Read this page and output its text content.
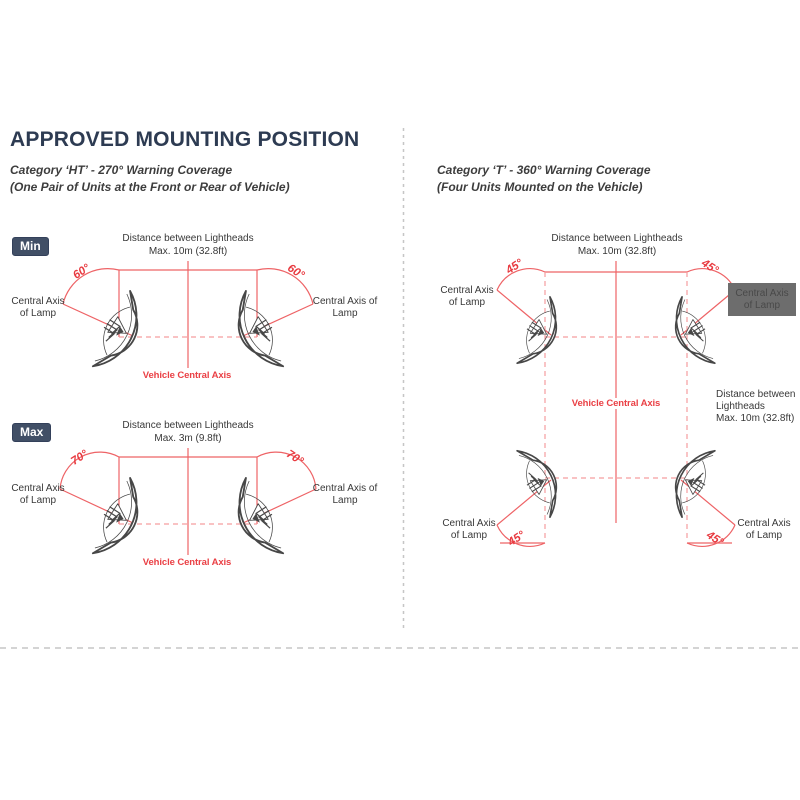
APPROVED MOUNTING POSITION
Category ‘HT’ - 270° Warning Coverage
(One Pair of Units at the Front or Rear of Vehicle)
Category ‘T’ - 360° Warning Coverage
(Four Units Mounted on the Vehicle)
Min
Distance between Lightheads
Max. 10m (32.8ft)
60°	60°
Central Axis
of Lamp
Central Axis of
Lamp
Vehicle Central Axis
Max	Distance between Lightheads
Max. 3m (9.8ft)
70°	70°
Central Axis
of Lamp
Central Axis of
Lamp
Vehicle Central Axis
Distance between Lightheads
Max. 10m (32.8ft)
45°	45°
Central Axis
of Lamp
Central Axis
of Lamp
Vehicle Central Axis
Distance between
Lightheads
Max. 10m (32.8ft)
Central Axis
of Lamp
Central Axis
of Lamp
45°	45°
